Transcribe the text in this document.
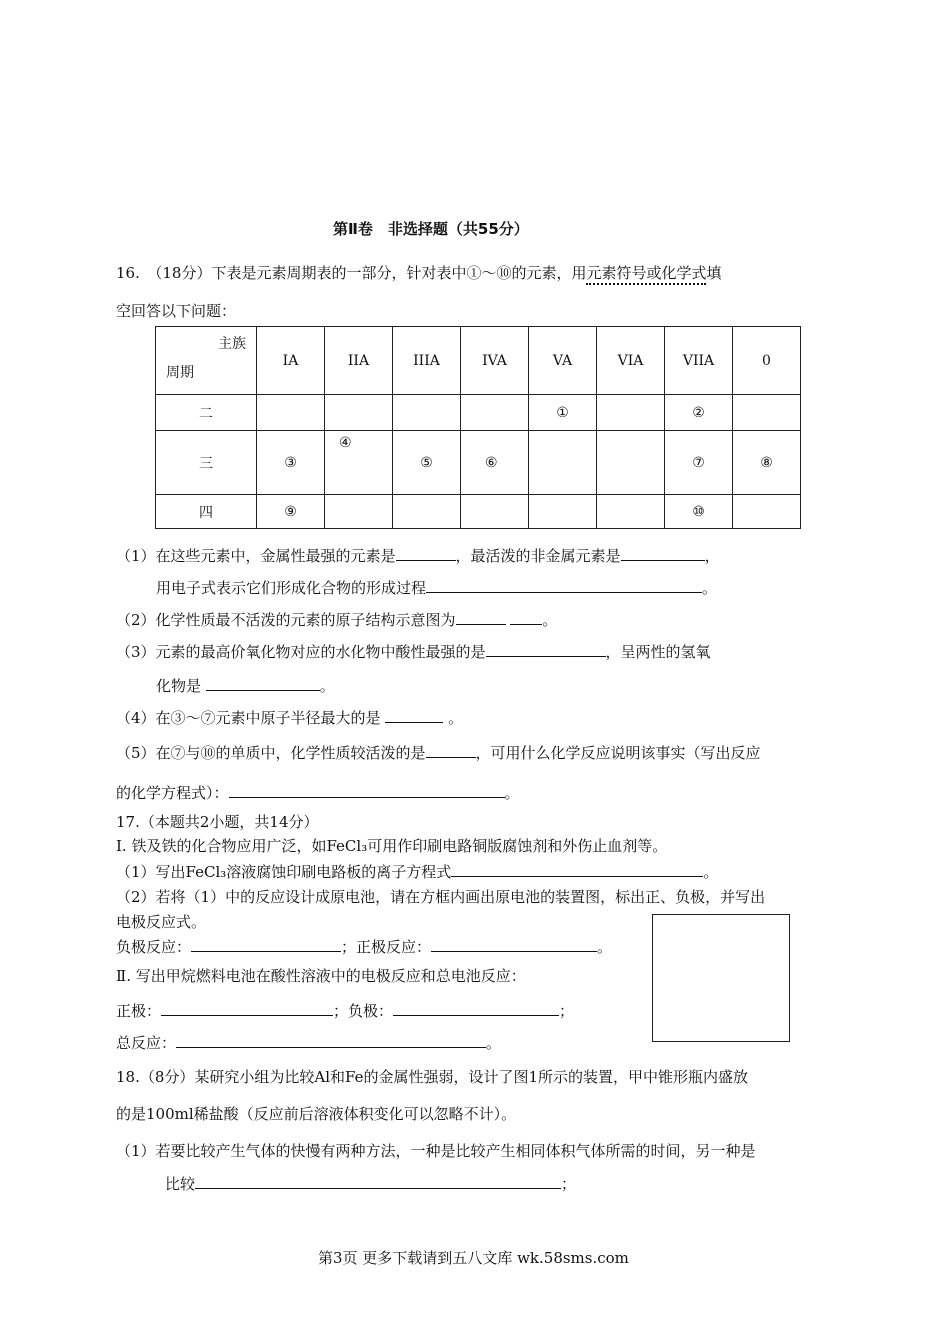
第Ⅱ卷　非选择题（共55分）
16.　（18分）下表是元素周期表的一部分，针对表中①～⑩的元素，用元素符号或化学式填
空回答以下问题：
主族
周期	IA	IIA	IIIA	IVA	VA	VIA	VIIA	0
二					①		②	
三	③	④	⑤	⑥			⑦	⑧
四	⑨						⑩	
（1）在这些元素中，金属性最强的元素是	，最活泼的非金属元素是	，
用电子式表示它们形成化合物的形成过程	。
（2）化学性质最不活泼的元素的原子结构示意图为	。
（3）元素的最高价氧化物对应的水化物中酸性最强的是	，呈两性的氢氧
化物是	。
（4）在③～⑦元素中原子半径最大的是	。
（5）在⑦与⑩的单质中，化学性质较活泼的是	，可用什么化学反应说明该事实（写出反应
的化学方程式）：	。
17.（本题共2小题，共14分）
Ⅰ. 铁及铁的化合物应用广泛，如FeCl₃可用作印刷电路铜版腐蚀剂和外伤止血剂等。
（1）写出FeCl₃溶液腐蚀印刷电路板的离子方程式	。
（2）若将（1）中的反应设计成原电池，请在方框内画出原电池的装置图，标出正、负极，并写出
电极反应式。
负极反应：	；正极反应：	。
Ⅱ. 写出甲烷燃料电池在酸性溶液中的电极反应和总电池反应：
正极：	；负极：	；
总反应：	。
18.（8分）某研究小组为比较Al和Fe的金属性强弱，设计了图1所示的装置，甲中锥形瓶内盛放
的是100ml稀盐酸（反应前后溶液体积变化可以忽略不计）。
（1）若要比较产生气体的快慢有两种方法，一种是比较产生相同体积气体所需的时间，另一种是
比较	；
第3页 更多下载请到五八文库 wk.58sms.com
